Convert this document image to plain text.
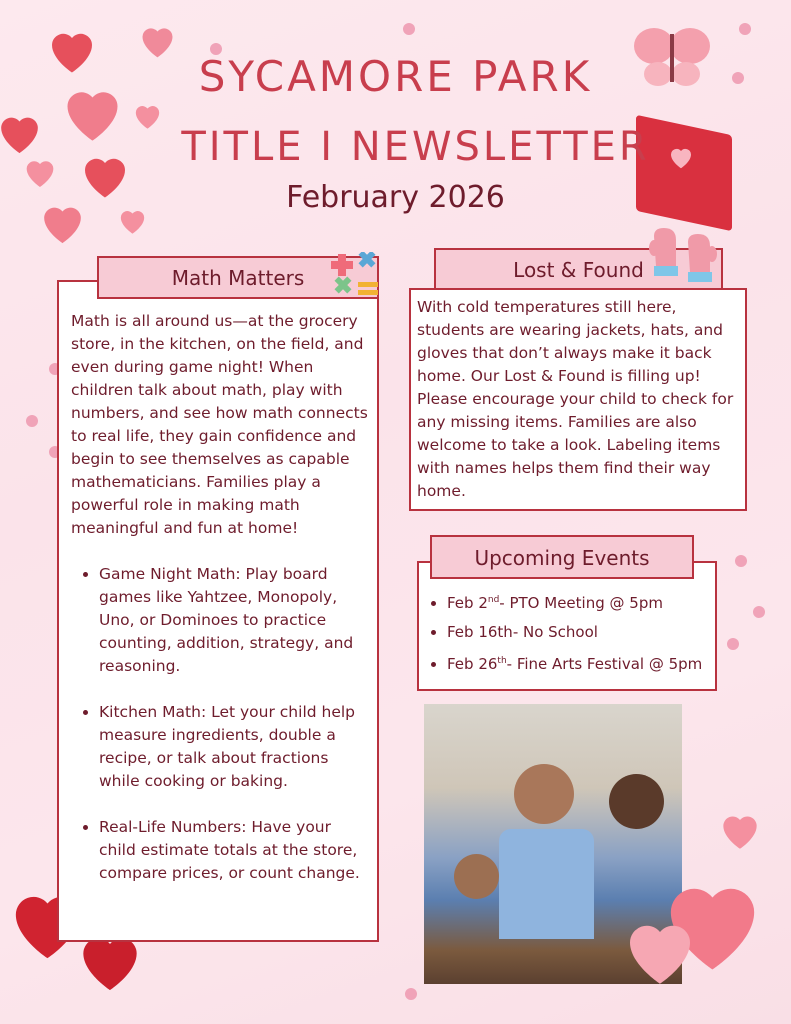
SYCAMORE PARK
TITLE I NEWSLETTER
February 2026
Math is all around us—at the grocery store, in the kitchen, on the field, and even during game night! When children talk about math, play with numbers, and see how math connects to real life, they gain confidence and begin to see themselves as capable mathematicians. Families play a powerful role in making math meaningful and fun at home!
• Game Night Math: Play board games like Yahtzee, Monopoly, Uno, or Dominoes to practice counting, addition, strategy, and reasoning.
• Kitchen Math: Let your child help measure ingredients, double a recipe, or talk about fractions while cooking or baking.
• Real-Life Numbers: Have your child estimate totals at the store, compare prices, or count change.
Math Matters
With cold temperatures still here, students are wearing jackets, hats, and gloves that don’t always make it back home. Our Lost & Found is filling up! Please encourage your child to check for any missing items. Families are also welcome to take a look. Labeling items with names helps them find their way home.
Lost & Found
• Feb 2nd- PTO Meeting @ 5pm
• Feb 16th- No School
• Feb 26th- Fine Arts Festival @ 5pm
Upcoming Events
